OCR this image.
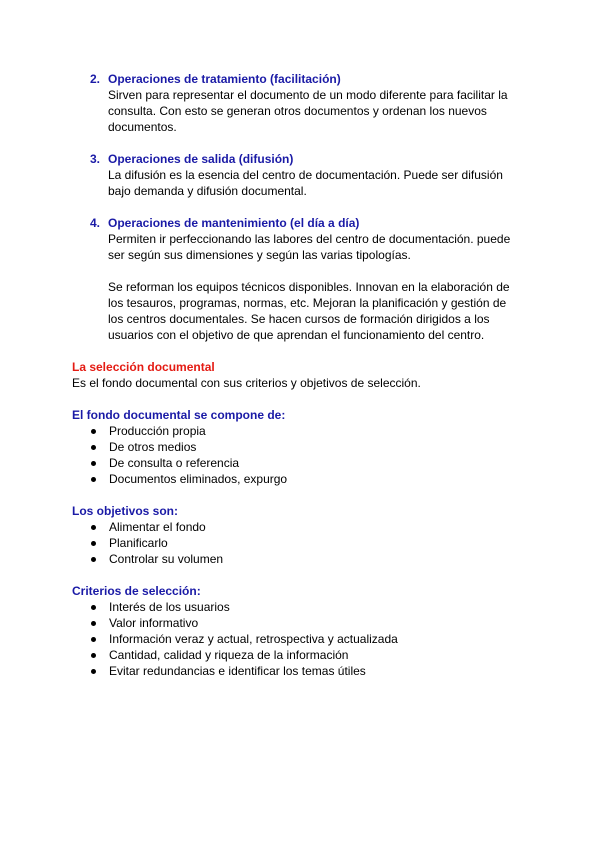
2. Operaciones de tratamiento (facilitación)
Sirven para representar el documento de un modo diferente para facilitar la
consulta. Con esto se generan otros documentos y ordenan los nuevos
documentos.
3. Operaciones de salida (difusión)
La difusión es la esencia del centro de documentación. Puede ser difusión
bajo demanda y difusión documental.
4. Operaciones de mantenimiento (el día a día)
Permiten ir perfeccionando las labores del centro de documentación. puede
ser según sus dimensiones y según las varias tipologías.
Se reforman los equipos técnicos disponibles. Innovan en la elaboración de
los tesauros, programas, normas, etc. Mejoran la planificación y gestión de
los centros documentales. Se hacen cursos de formación dirigidos a los
usuarios con el objetivo de que aprendan el funcionamiento del centro.
La selección documental
Es el fondo documental con sus criterios y objetivos de selección.
El fondo documental se compone de:
Producción propia
De otros medios
De consulta o referencia
Documentos eliminados, expurgo
Los objetivos son:
Alimentar el fondo
Planificarlo
Controlar su volumen
Criterios de selección:
Interés de los usuarios
Valor informativo
Información veraz y actual, retrospectiva y actualizada
Cantidad, calidad y riqueza de la información
Evitar redundancias e identificar los temas útiles
